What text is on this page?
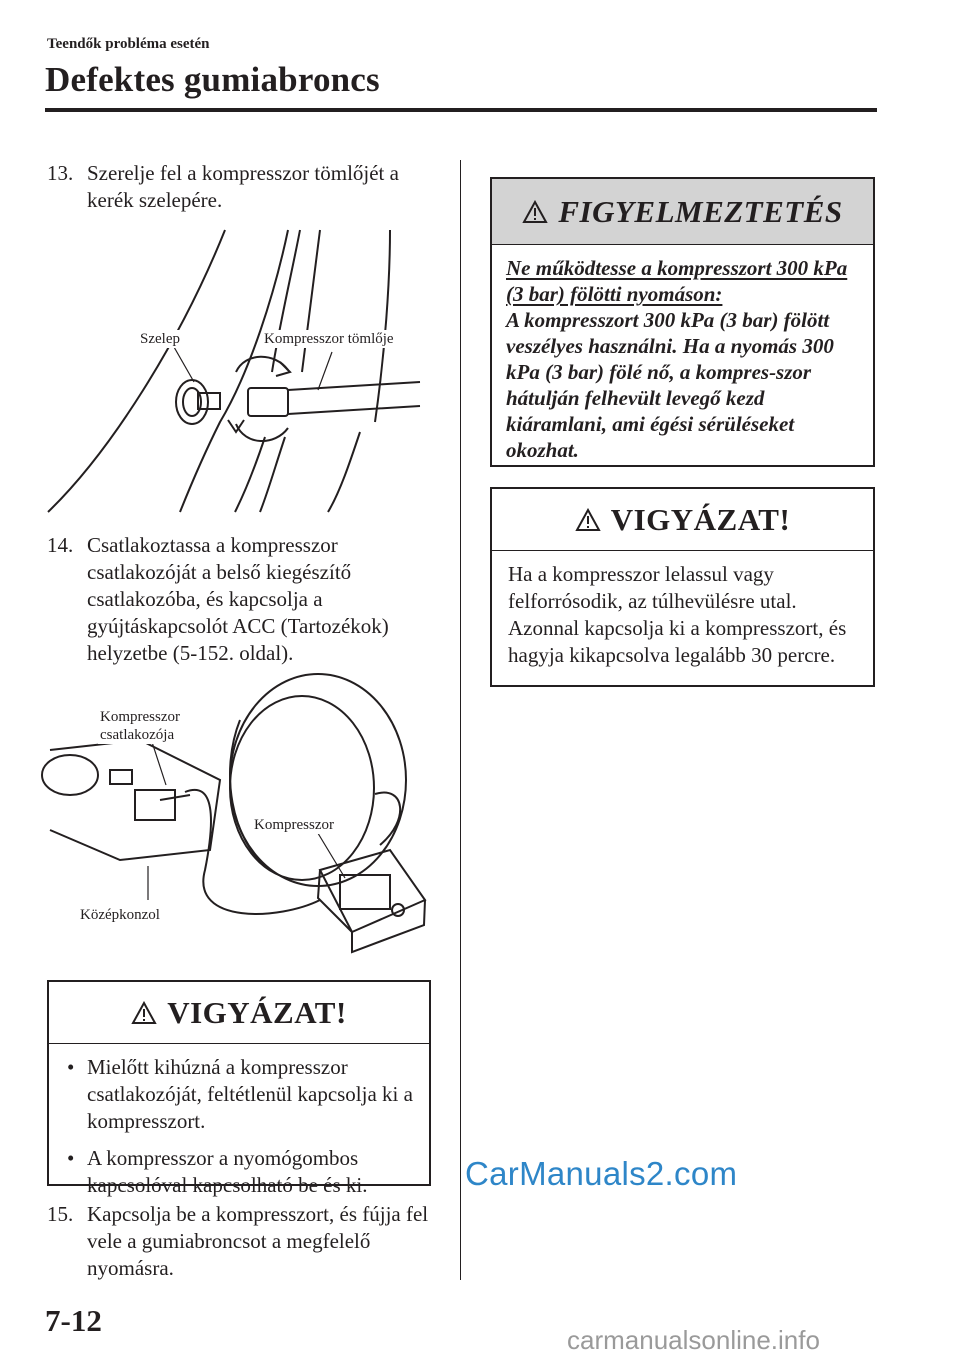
Teendők probléma esetén
Defektes gumiabroncs
13. Szerelje fel a kompresszor tömlőjét a kerék szelepére.
Szelep	Kompresszor tömlője
14. Csatlakoztassa a kompresszor csatlakozóját a belső kiegészítő csatlakozóba, és kapcsolja a gyújtáskapcsolót ACC (Tartozékok) helyzetbe (5-152. oldal).
Kompresszor
csatlakozója
Kompresszor
Középkonzol
VIGYÁZAT!
• Mielőtt kihúzná a kompresszor csatlakozóját, feltétlenül kapcsolja ki a kompresszort.
• A kompresszor a nyomógombos kapcsolóval kapcsolható be és ki.
15. Kapcsolja be a kompresszort, és fújja fel vele a gumiabroncsot a megfelelő nyomásra.
FIGYELMEZTETÉS
Ne működtesse a kompresszort 300 kPa (3 bar) fölötti nyomáson:
A kompresszort 300 kPa (3 bar) fölött veszélyes használni. Ha a nyomás 300 kPa (3 bar) fölé nő, a kompres-szor hátulján felhevült levegő kezd kiáramlani, ami égési sérüléseket okozhat.
VIGYÁZAT!
Ha a kompresszor lelassul vagy felforrósodik, az túlhevülésre utal. Azonnal kapcsolja ki a kompresszort, és hagyja kikapcsolva legalább 30 percre.
CarManuals2.com
7-12
carmanualsonline.info
